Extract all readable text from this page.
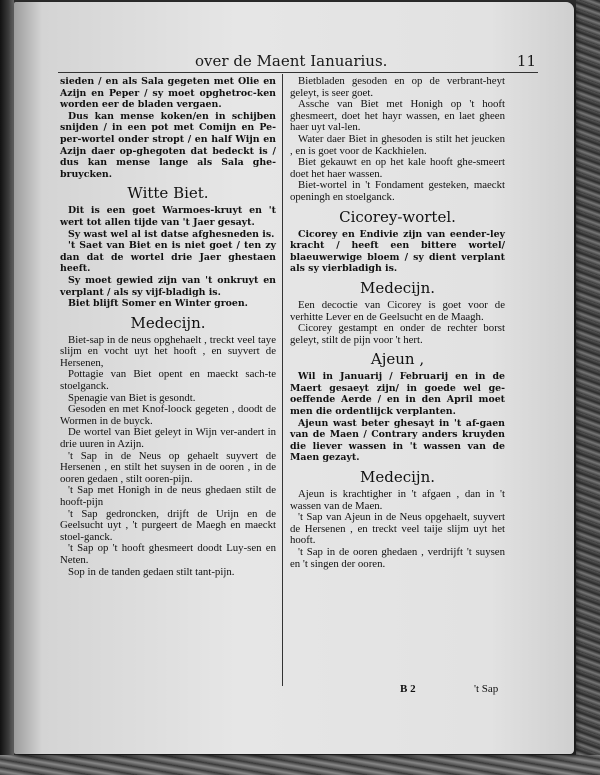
over de Maent Ianuarius.	11

sieden / en als Sala gegeten met Olie en Azijn en Peper / sy moet opghetroc-ken worden eer de bladen vergaen.

Dus kan mense koken/en in schijben snijden / in een pot met Comijn en Pe-per-wortel onder stropt / en half Wijn en Azijn daer op-ghegoten dat bedeckt is / dus kan mense lange als Sala ghe-bruycken.

Witte Biet.

Dit is een goet Warmoes-kruyt en 't wert tot allen tijde van 't Jaer gesayt.

Sy wast wel al ist datse afghesneden is.

't Saet van Biet en is niet goet / ten zy dan dat de wortel drie Jaer ghestaen heeft.

Sy moet gewied zijn van 't onkruyt en verplant / als sy vijf-bladigh is.

Biet blijft Somer en Winter groen.

Medecijn.

Biet-sap in de neus opghehaelt , treckt veel taye slijm en vocht uyt het hooft , en suyvert de Hersenen,

Pottagie van Biet opent en maeckt sach-te stoelganck.

Spenagie van Biet is gesondt.

Gesoden en met Knof-loock gegeten , doodt de Wormen in de buyck.

De wortel van Biet geleyt in Wijn ver-andert in drie uuren in Azijn.

't Sap in de Neus op gehaelt suyvert de Hersenen , en stilt het suysen in de ooren , in de ooren gedaen , stilt ooren-pijn.

't Sap met Honigh in de neus ghedaen stilt de hooft-pijn

't Sap gedroncken, drijft de Urijn en de Geelsucht uyt , 't purgeert de Maegh en maeckt stoel-ganck.

't Sap op 't hooft ghesmeert doodt Luy-sen en Neten.

Sop in de tanden gedaen stilt tant-pijn.

Bietbladen gesoden en op de verbrant-heyt geleyt, is seer goet.

Assche van Biet met Honigh op 't hooft ghesmeert, doet het hayr wassen, en laet gheen haer uyt val-len.

Water daer Biet in ghesoden is stilt het jeucken , en is goet voor de Kackhielen.

Biet gekauwt en op het kale hooft ghe-smeert doet het haer wassen.

Biet-wortel in 't Fondament gesteken, maeckt openingh en stoelganck.

Cicorey-wortel.

Cicorey en Endivie zijn van eender-ley kracht / heeft een bittere wortel/ blaeuwerwige bloem / sy dient verplant als sy vierbladigh is.

Medecijn.

Een decoctie van Cicorey is goet voor de verhitte Lever en de Geelsucht en de Maagh.

Cicorey gestampt en onder de rechter borst geleyt, stilt de pijn voor 't hert.

Ajeun ,

Wil in Januarij / Februarij en in de Maert gesaeyt zijn/ in goede wel ge-oeffende Aerde / en in den April moet men die ordentlijck verplanten.

Ajeun wast beter ghesayt in 't af-gaen van de Maen / Contrary anders kruyden die liever wassen in 't wassen van de Maen gezayt.

Medecijn.

Ajeun is krachtigher in 't afgaen , dan in 't wassen van de Maen.

't Sap van Ajeun in de Neus opgehaelt, suyvert de Hersenen , en treckt veel taije slijm uyt het hooft.

't Sap in de ooren ghedaen , verdrijft 't suysen en 't singen der ooren.

B 2	't Sap
